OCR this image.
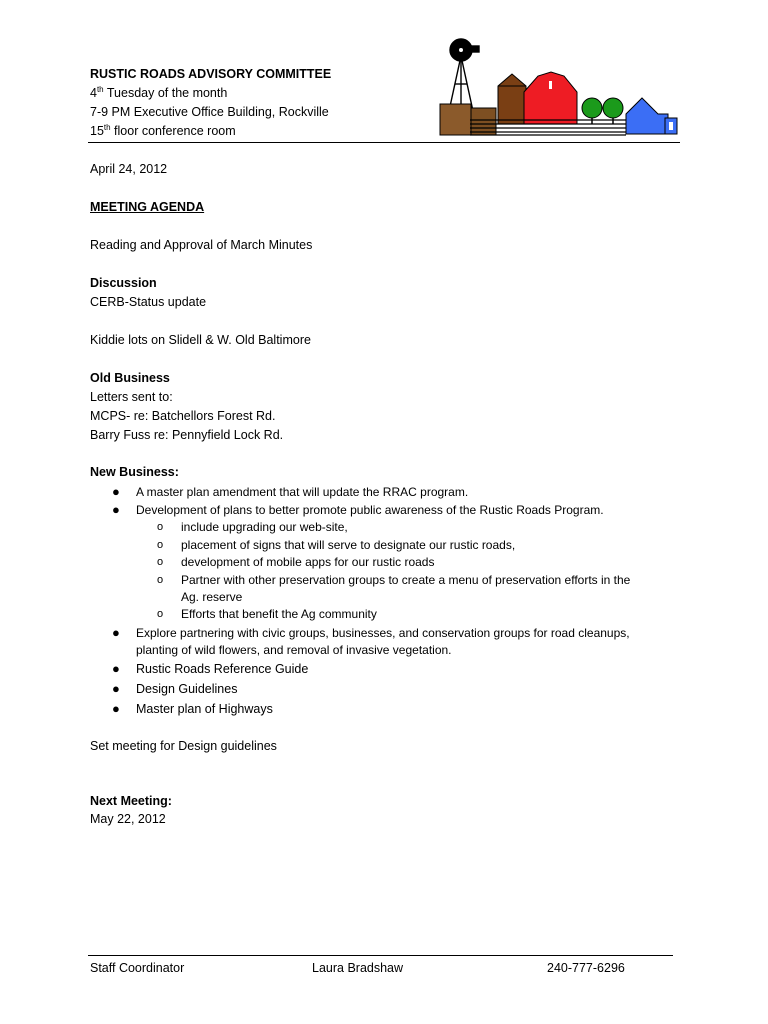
RUSTIC ROADS ADVISORY COMMITTEE
4th Tuesday of the month
7-9 PM Executive Office Building, Rockville
15th floor conference room
April 24, 2012
MEETING AGENDA
Reading and Approval of March Minutes
Discussion
CERB-Status update
Kiddie lots on Slidell & W. Old Baltimore
Old Business
Letters sent to:
MCPS- re: Batchellors Forest Rd.
Barry Fuss re: Pennyfield Lock Rd.
New Business:
● A master plan amendment that will update the RRAC program.
● Development of plans to better promote public awareness of the Rustic Roads Program.
o include upgrading our web-site,
o placement of signs that will serve to designate our rustic roads,
o development of mobile apps for our rustic roads
o Partner with other preservation groups to create a menu of preservation efforts in the
Ag. reserve
o Efforts that benefit the Ag community
● Explore partnering with civic groups, businesses, and conservation groups for road cleanups,
planting of wild flowers, and removal of invasive vegetation.
● Rustic Roads Reference Guide
● Design Guidelines
● Master plan of Highways
Set meeting for Design guidelines
Next Meeting:
May 22, 2012
Staff Coordinator	Laura Bradshaw	240-777-6296
